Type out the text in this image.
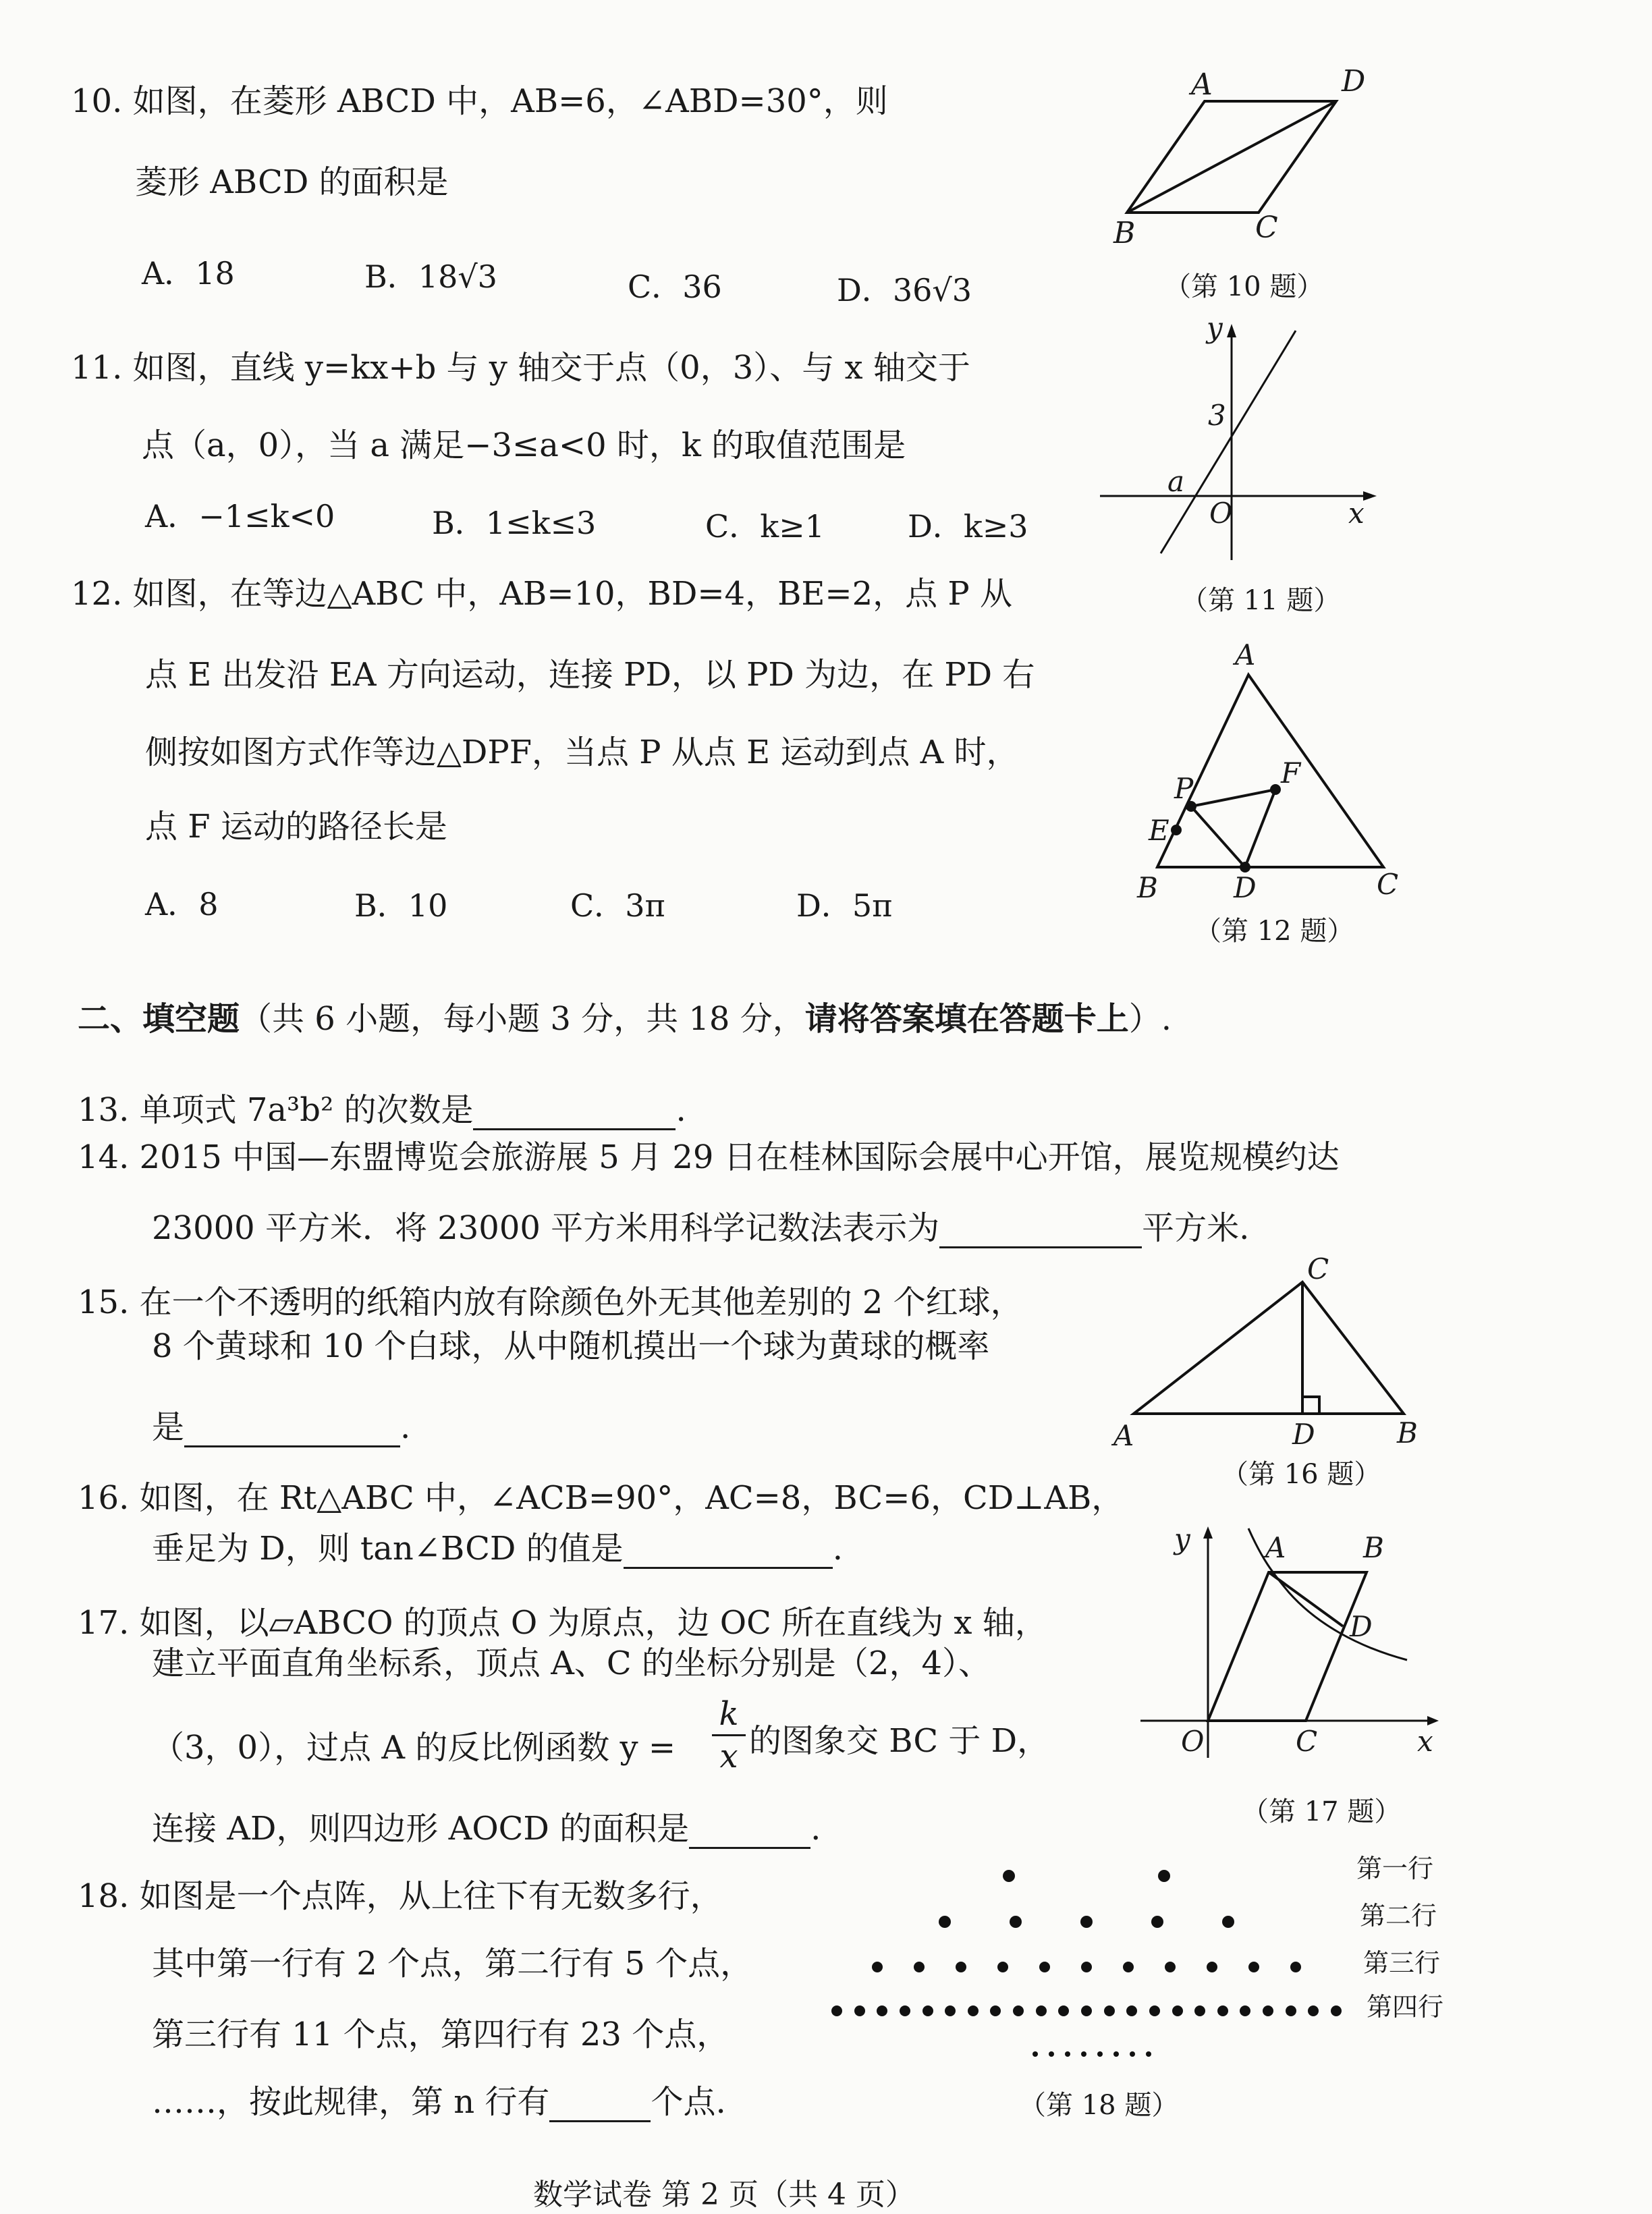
10. 如图，在菱形 ABCD 中，AB=6，∠ABD=30°，则
菱形 ABCD 的面积是
A．18	B．18√3	C．36	D．36√3
A	D
B	C
（第 10 题）
11. 如图，直线 y=kx+b 与 y 轴交于点（0，3）、与 x 轴交于
点（a，0），当 a 满足−3≤a<0 时，k 的取值范围是
A．−1≤k<0	B．1≤k≤3	C．k≥1	D．k≥3
y
3
a
O	x
（第 11 题）
12. 如图，在等边△ABC 中，AB=10，BD=4，BE=2，点 P 从
点 E 出发沿 EA 方向运动，连接 PD，以 PD 为边，在 PD 右
侧按如图方式作等边△DPF，当点 P 从点 E 运动到点 A 时，
点 F 运动的路径长是
A．8	B．10	C．3π	D．5π
A
P	F
E
B	D	C
（第 12 题）
二、填空题（共 6 小题，每小题 3 分，共 18 分，请将答案填在答题卡上）.
13. 单项式 7a³b² 的次数是	.
14. 2015 中国—东盟博览会旅游展 5 月 29 日在桂林国际会展中心开馆，展览规模约达
23000 平方米．将 23000 平方米用科学记数法表示为	平方米.
15. 在一个不透明的纸箱内放有除颜色外无其他差别的 2 个红球，
8 个黄球和 10 个白球，从中随机摸出一个球为黄球的概率
是	.
C
A	D	B
（第 16 题）
16. 如图，在 Rt△ABC 中，∠ACB=90°，AC=8，BC=6，CD⊥AB，
垂足为 D，则 tan∠BCD 的值是	.
17. 如图，以▱ABCO 的顶点 O 为原点，边 OC 所在直线为 x 轴，
建立平面直角坐标系，顶点 A、C 的坐标分别是（2，4）、
（3，0），过点 A 的反比例函数 $y = \frac{k}{x}$ 的图象交 BC 于 D，
连接 AD，则四边形 AOCD 的面积是	.
y	A	B
D
O	C	x
（第 17 题）
18. 如图是一个点阵，从上往下有无数多行，
其中第一行有 2 个点，第二行有 5 个点，
第三行有 11 个点，第四行有 23 个点，
……，按此规律，第 n 行有	个点.
第一行
第二行
第三行
第四行
（第 18 题）
数学试卷 第 2 页（共 4 页）
